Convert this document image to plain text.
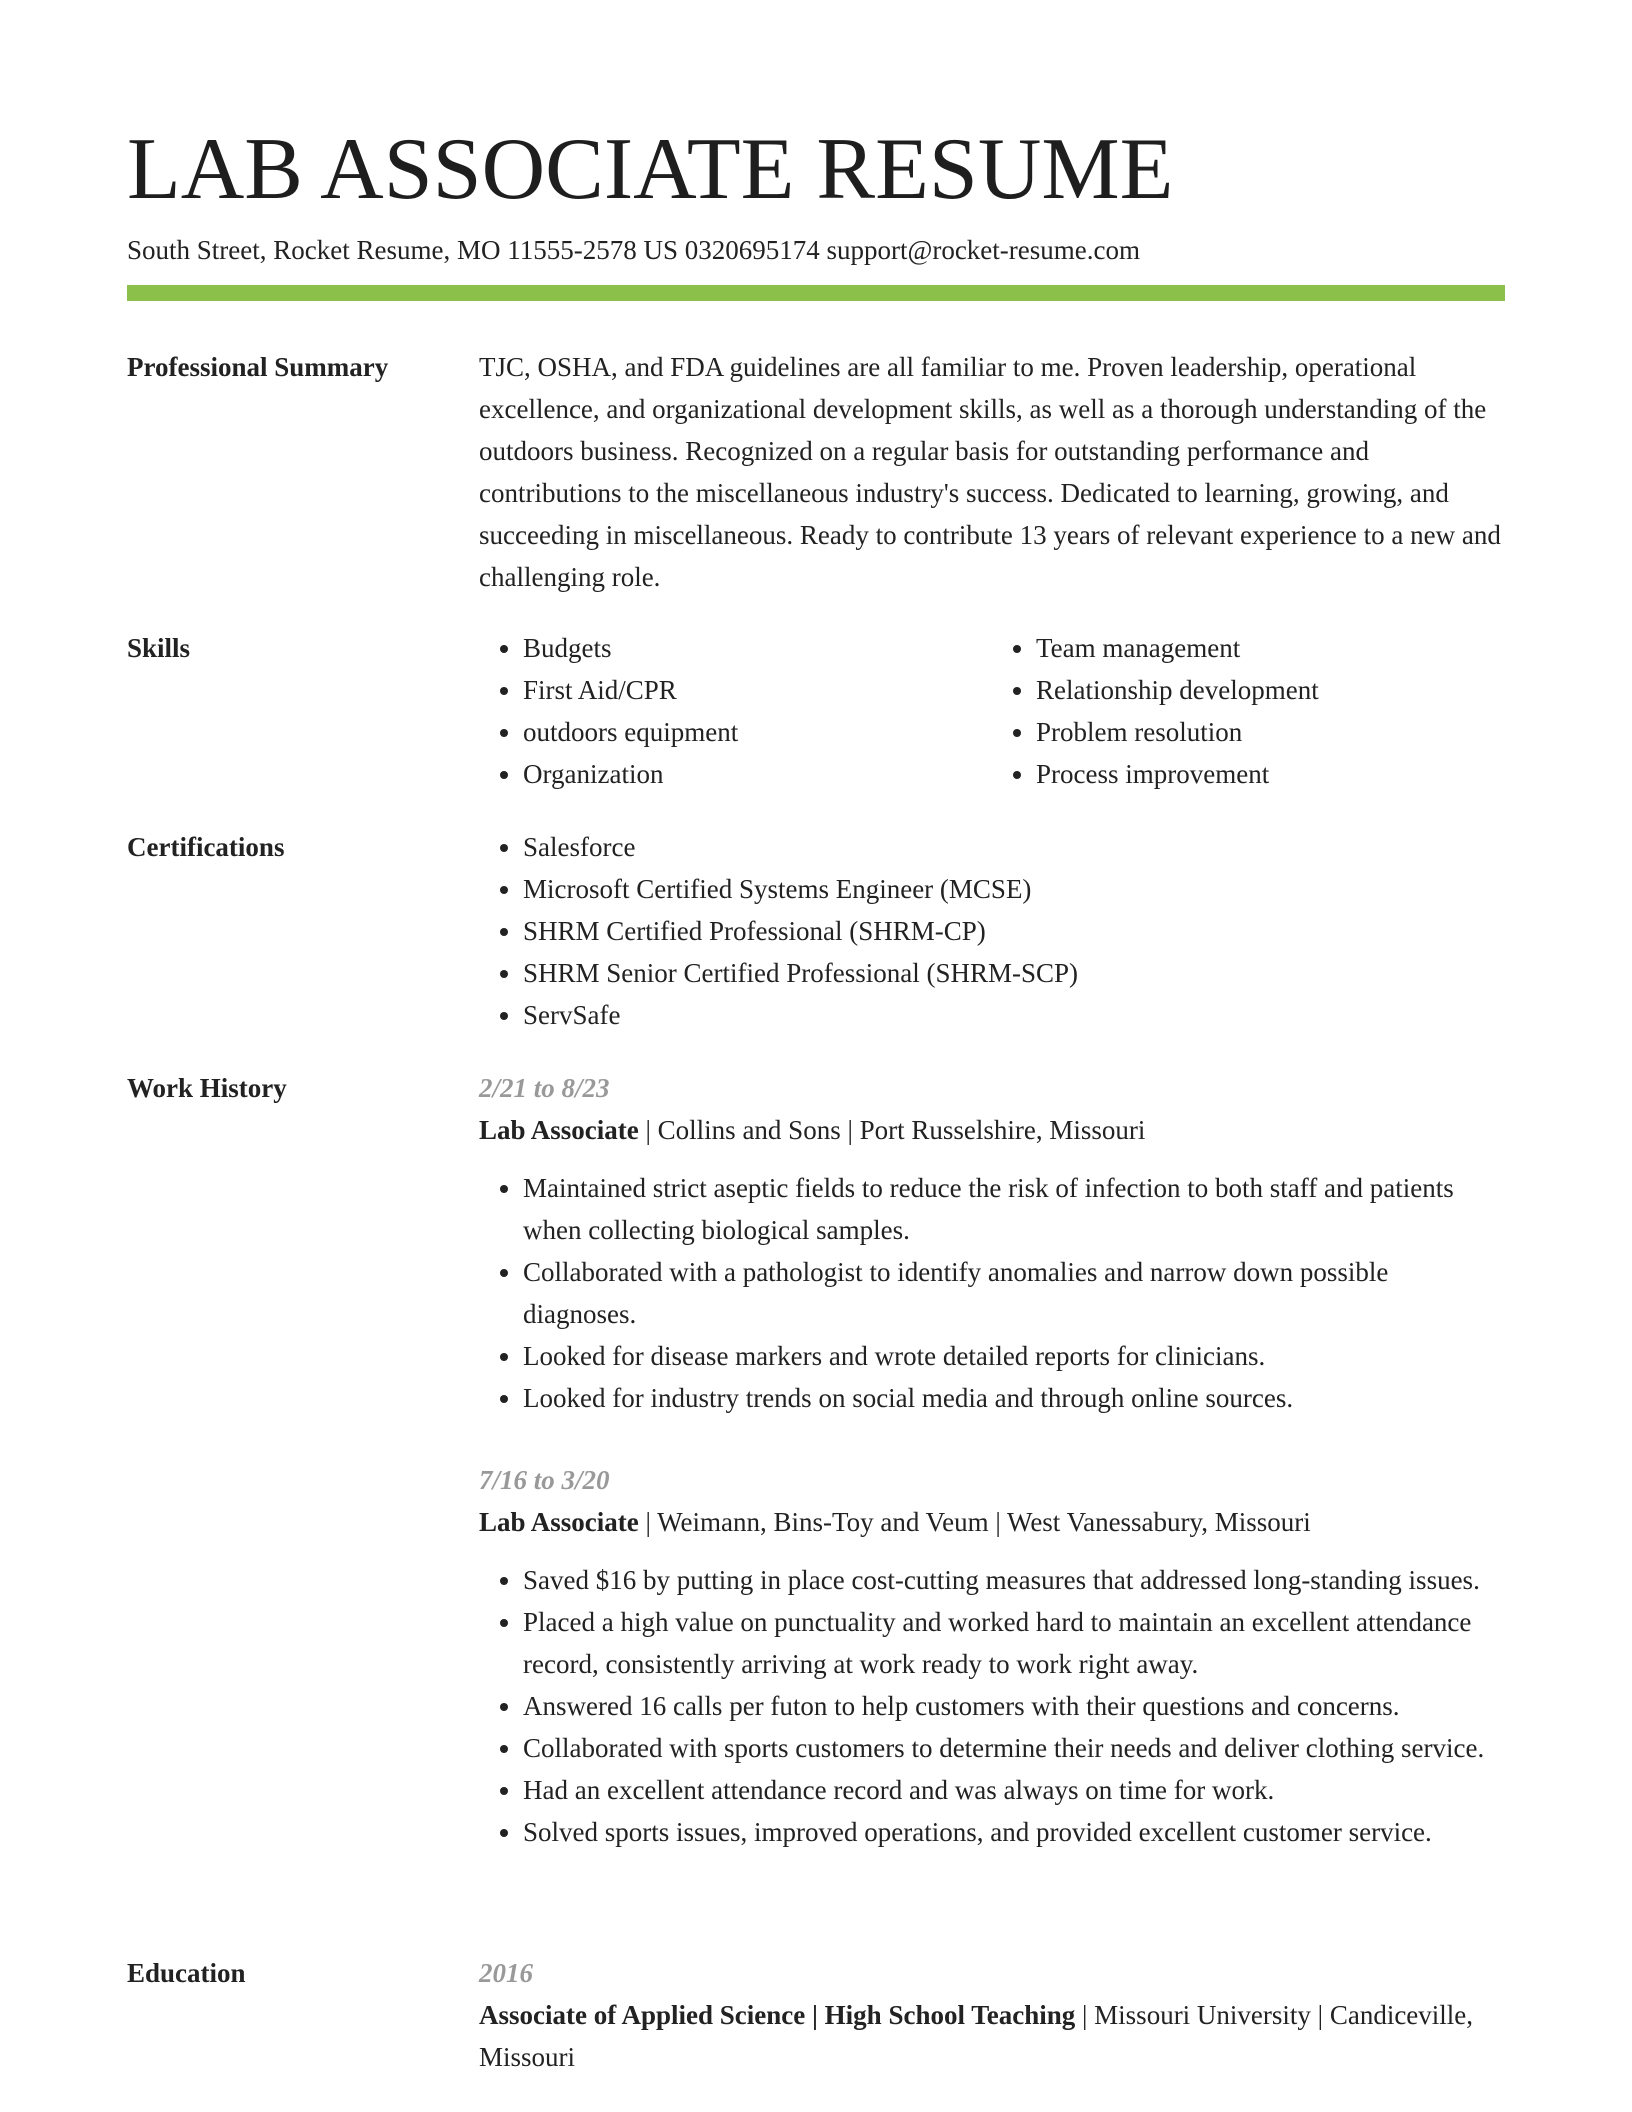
LAB ASSOCIATE RESUME
South Street, Rocket Resume, MO 11555-2578 US 0320695174 support@rocket-resume.com
Professional Summary	TJC, OSHA, and FDA guidelines are all familiar to me. Proven leadership, operational excellence, and organizational development skills, as well as a thorough understanding of the outdoors business. Recognized on a regular basis for outstanding performance and contributions to the miscellaneous industry's success. Dedicated to learning, growing, and succeeding in miscellaneous. Ready to contribute 13 years of relevant experience to a new and challenging role.
Skills	• Budgets
• First Aid/CPR
• outdoors equipment
• Organization
• Team management
• Relationship development
• Problem resolution
• Process improvement
Certifications	• Salesforce
• Microsoft Certified Systems Engineer (MCSE)
• SHRM Certified Professional (SHRM-CP)
• SHRM Senior Certified Professional (SHRM-SCP)
• ServSafe
Work History	2/21 to 8/23
Lab Associate | Collins and Sons | Port Russelshire, Missouri
• Maintained strict aseptic fields to reduce the risk of infection to both staff and patients when collecting biological samples.
• Collaborated with a pathologist to identify anomalies and narrow down possible diagnoses.
• Looked for disease markers and wrote detailed reports for clinicians.
• Looked for industry trends on social media and through online sources.
7/16 to 3/20
Lab Associate | Weimann, Bins-Toy and Veum | West Vanessabury, Missouri
• Saved $16 by putting in place cost-cutting measures that addressed long-standing issues.
• Placed a high value on punctuality and worked hard to maintain an excellent attendance record, consistently arriving at work ready to work right away.
• Answered 16 calls per futon to help customers with their questions and concerns.
• Collaborated with sports customers to determine their needs and deliver clothing service.
• Had an excellent attendance record and was always on time for work.
• Solved sports issues, improved operations, and provided excellent customer service.
Education	2016
Associate of Applied Science | High School Teaching | Missouri University | Candiceville, Missouri
